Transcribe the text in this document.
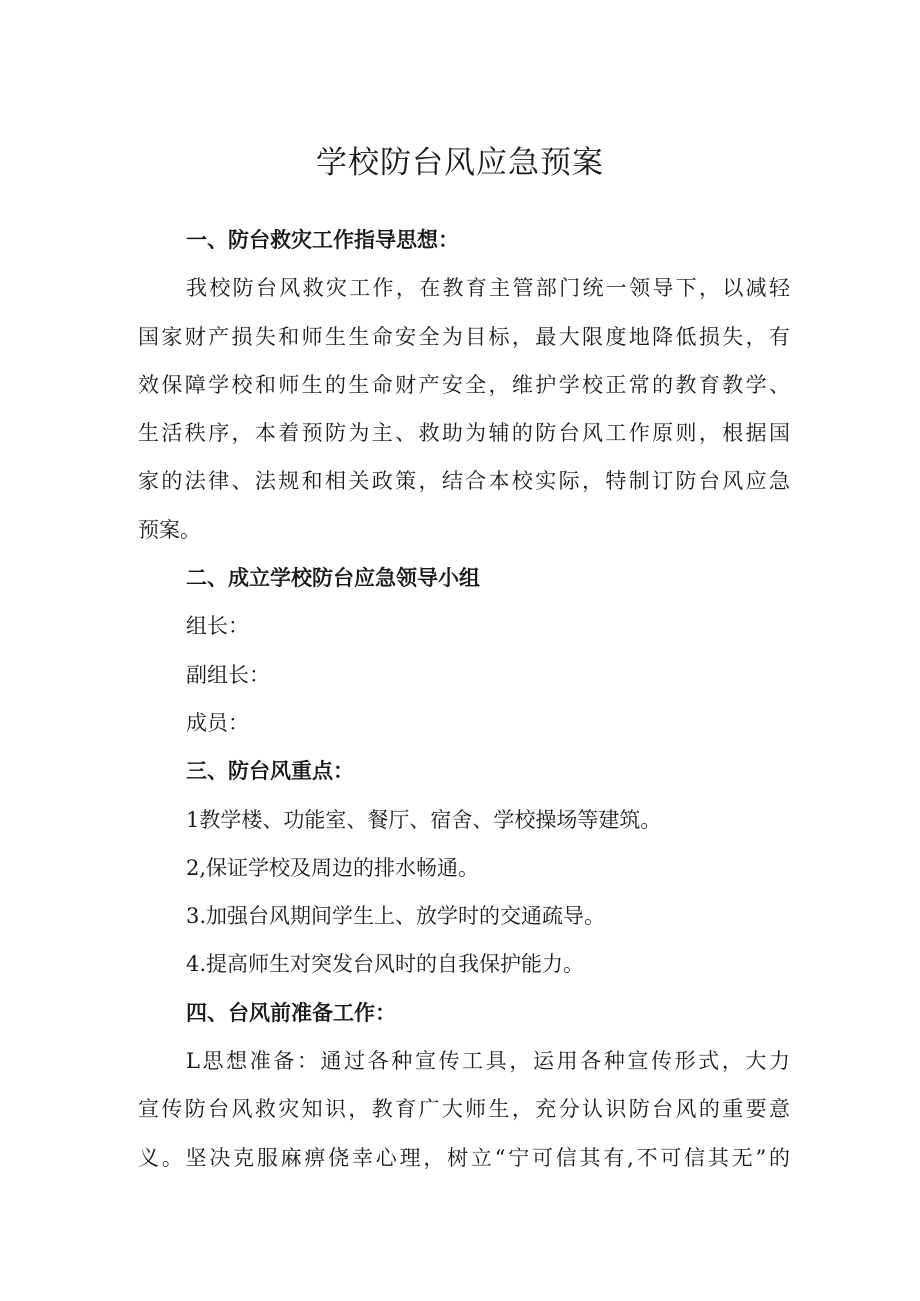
学校防台风应急预案
一、防台救灾工作指导思想：
我校防台风救灾工作，在教育主管部门统一领导下，以减轻
国家财产损失和师生生命安全为目标，最大限度地降低损失，有
效保障学校和师生的生命财产安全，维护学校正常的教育教学、
生活秩序，本着预防为主、救助为辅的防台风工作原则，根据国
家的法律、法规和相关政策，结合本校实际，特制订防台风应急
预案。
二、成立学校防台应急领导小组
组长：
副组长：
成员：
三、防台风重点：
1教学楼、功能室、餐厅、宿舍、学校操场等建筑。
2,保证学校及周边的排水畅通。
3.加强台风期间学生上、放学时的交通疏导。
4.提高师生对突发台风时的自我保护能力。
四、台风前准备工作：
L思想准备：通过各种宣传工具，运用各种宣传形式，大力
宣传防台风救灾知识，教育广大师生，充分认识防台风的重要意
义。坚决克服麻痹侥幸心理，树立“宁可信其有,不可信其无”的
